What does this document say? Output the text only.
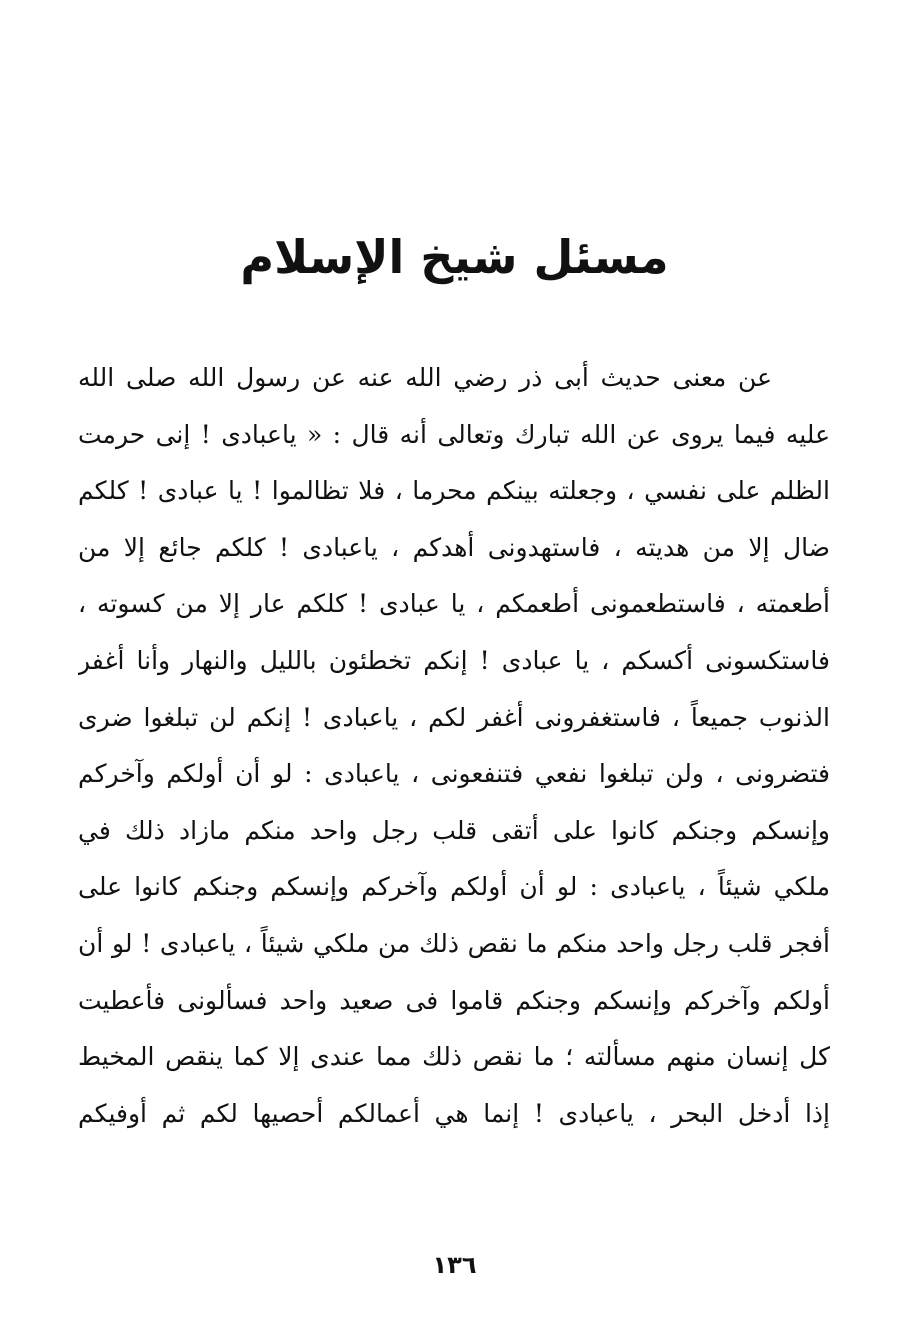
مسئل شيخ الإسلام
عن معنى حديث أبى ذر رضي الله عنه عن رسول الله صلى الله
عليه فيما يروى عن الله تبارك وتعالى أنه قال : « ياعبادى ! إنى حرمت
الظلم على نفسي ، وجعلته بينكم محرما ، فلا تظالموا ! يا عبادى ! كلكم
ضال إلا من هديته ، فاستهدونى أهدكم ، ياعبادى ! كلكم جائع إلا من
أطعمته ، فاستطعمونى أطعمكم ، يا عبادى ! كلكم عار إلا من كسوته ،
فاستكسونى أكسكم ، يا عبادى ! إنكم تخطئون بالليل والنهار وأنا أغفر
الذنوب جميعاً ، فاستغفرونى أغفر لكم ، ياعبادى ! إنكم لن تبلغوا ضرى
فتضرونى ، ولن تبلغوا نفعي فتنفعونى ، ياعبادى : لو أن أولكم وآخركم
وإنسكم وجنكم كانوا على أتقى قلب رجل واحد منكم مازاد ذلك في
ملكي شيئاً ، ياعبادى : لو أن أولكم وآخركم وإنسكم وجنكم كانوا على
أفجر قلب رجل واحد منكم ما نقص ذلك من ملكي شيئاً ، ياعبادى ! لو أن
أولكم وآخركم وإنسكم وجنكم قاموا فى صعيد واحد فسألونى فأعطيت
كل إنسان منهم مسألته ؛ ما نقص ذلك مما عندى إلا كما ينقص المخيط
إذا أدخل البحر ، ياعبادى ! إنما هي أعمالكم أحصيها لكم ثم أوفيكم
١٣٦
